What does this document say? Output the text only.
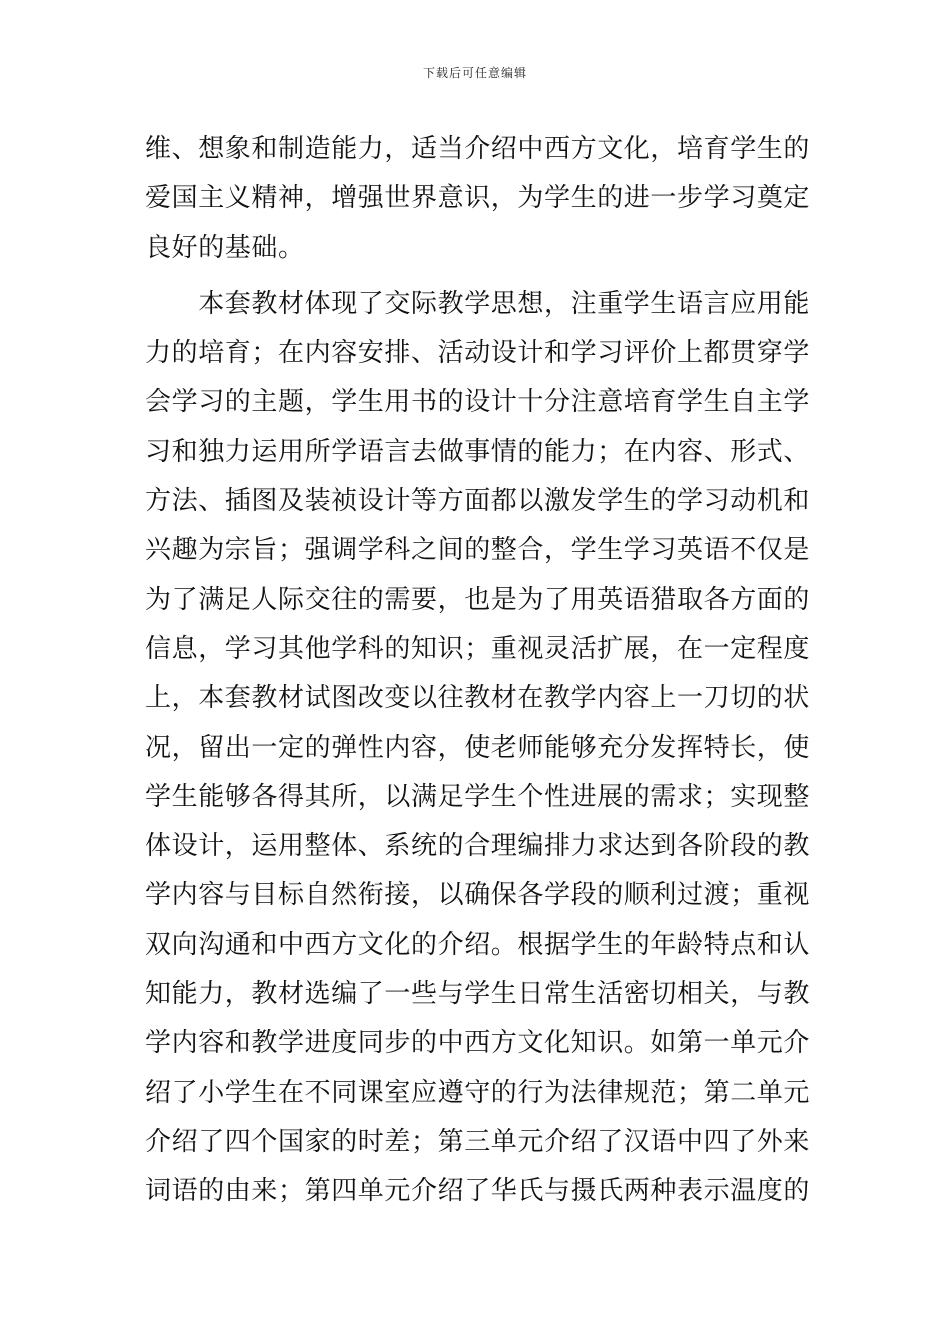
下载后可任意编辑
维、想象和制造能力，适当介绍中西方文化，培育学生的
爱国主义精神，增强世界意识，为学生的进一步学习奠定
良好的基础。
　　本套教材体现了交际教学思想，注重学生语言应用能
力的培育；在内容安排、活动设计和学习评价上都贯穿学
会学习的主题，学生用书的设计十分注意培育学生自主学
习和独力运用所学语言去做事情的能力；在内容、形式、
方法、插图及装祯设计等方面都以激发学生的学习动机和
兴趣为宗旨；强调学科之间的整合，学生学习英语不仅是
为了满足人际交往的需要，也是为了用英语猎取各方面的
信息，学习其他学科的知识；重视灵活扩展，在一定程度
上，本套教材试图改变以往教材在教学内容上一刀切的状
况，留出一定的弹性内容，使老师能够充分发挥特长，使
学生能够各得其所，以满足学生个性进展的需求；实现整
体设计，运用整体、系统的合理编排力求达到各阶段的教
学内容与目标自然衔接，以确保各学段的顺利过渡；重视
双向沟通和中西方文化的介绍。根据学生的年龄特点和认
知能力，教材选编了一些与学生日常生活密切相关，与教
学内容和教学进度同步的中西方文化知识。如第一单元介
绍了小学生在不同课室应遵守的行为法律规范；第二单元
介绍了四个国家的时差；第三单元介绍了汉语中四了外来
词语的由来；第四单元介绍了华氏与摄氏两种表示温度的
